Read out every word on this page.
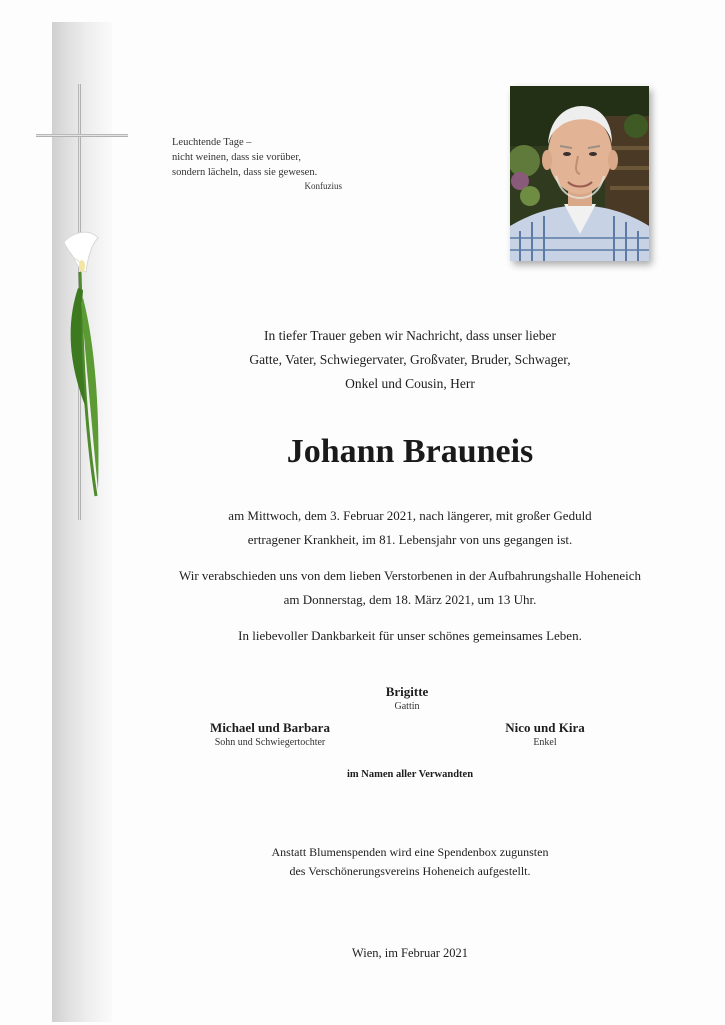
Leuchtende Tage –
nicht weinen, dass sie vorüber,
sondern lächeln, dass sie gewesen.
Konfuzius
In tiefer Trauer geben wir Nachricht, dass unser lieber
Gatte, Vater, Schwiegervater, Großvater, Bruder, Schwager,
Onkel und Cousin, Herr
Johann Brauneis
am Mittwoch, dem 3. Februar 2021, nach längerer, mit großer Geduld
ertragener Krankheit, im 81. Lebensjahr von uns gegangen ist.
Wir verabschieden uns von dem lieben Verstorbenen in der Aufbahrungshalle Hoheneich
am Donnerstag, dem 18. März 2021, um 13 Uhr.
In liebevoller Dankbarkeit für unser schönes gemeinsames Leben.
Brigitte
Gattin
Michael und Barbara
Sohn und Schwiegertochter
Nico und Kira
Enkel
im Namen aller Verwandten
Anstatt Blumenspenden wird eine Spendenbox zugunsten
des Verschönerungsvereins Hoheneich aufgestellt.
Wien, im Februar 2021
